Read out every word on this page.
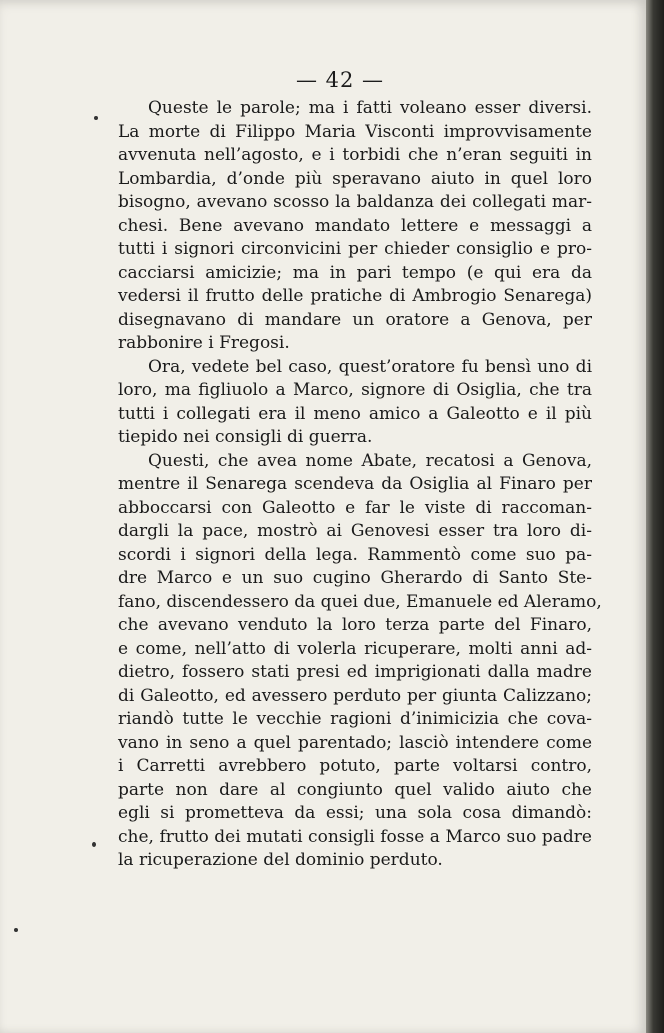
— 42 —
Queste le parole; ma i fatti voleano esser diversi.
La morte di Filippo Maria Visconti improvvisamente
avvenuta nell’agosto, e i torbidi che n’eran seguiti in
Lombardia, d’onde più speravano aiuto in quel loro
bisogno, avevano scosso la baldanza dei collegati mar-
chesi. Bene avevano mandato lettere e messaggi a
tutti i signori circonvicini per chieder consiglio e pro-
cacciarsi amicizie; ma in pari tempo (e qui era da
vedersi il frutto delle pratiche di Ambrogio Senarega)
disegnavano di mandare un oratore a Genova, per
rabbonire i Fregosi.
Ora, vedete bel caso, quest’oratore fu bensì uno di
loro, ma figliuolo a Marco, signore di Osiglia, che tra
tutti i collegati era il meno amico a Galeotto e il più
tiepido nei consigli di guerra.
Questi, che avea nome Abate, recatosi a Genova,
mentre il Senarega scendeva da Osiglia al Finaro per
abboccarsi con Galeotto e far le viste di raccoman-
dargli la pace, mostrò ai Genovesi esser tra loro di-
scordi i signori della lega. Rammentò come suo pa-
dre Marco e un suo cugino Gherardo di Santo Ste-
fano, discendessero da quei due, Emanuele ed Aleramo,
che avevano venduto la loro terza parte del Finaro,
e come, nell’atto di volerla ricuperare, molti anni ad-
dietro, fossero stati presi ed imprigionati dalla madre
di Galeotto, ed avessero perduto per giunta Calizzano;
riandò tutte le vecchie ragioni d’inimicizia che cova-
vano in seno a quel parentado; lasciò intendere come
i Carretti avrebbero potuto, parte voltarsi contro,
parte non dare al congiunto quel valido aiuto che
egli si prometteva da essi; una sola cosa dimandò:
che, frutto dei mutati consigli fosse a Marco suo padre
la ricuperazione del dominio perduto.
